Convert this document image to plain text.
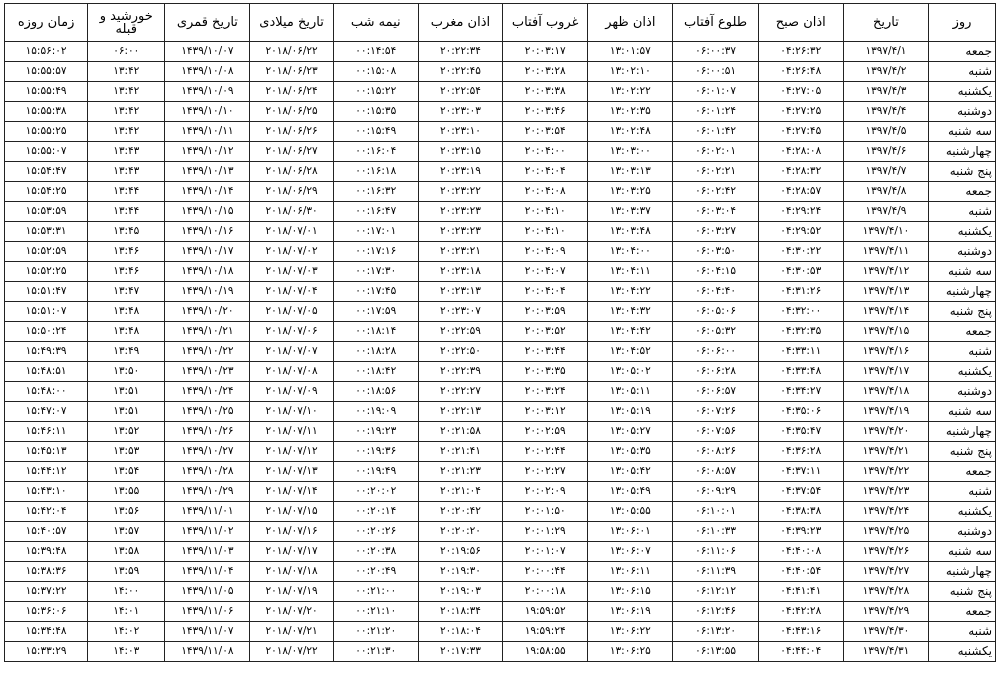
روز	تاریخ	اذان صبح	طلوع آفتاب	اذان ظهر	غروب آفتاب	اذان مغرب	نیمه شب	تاریخ میلادی	تاریخ قمری	خورشید و قبله	زمان روزه
جمعه	۱۳۹۷/۴/۱	۰۴:۲۶:۳۲	۰۶:۰۰:۳۷	۱۳:۰۱:۵۷	۲۰:۰۳:۱۷	۲۰:۲۲:۳۴	۰۰:۱۴:۵۴	۲۰۱۸/۰۶/۲۲	۱۴۳۹/۱۰/۰۷	۰۶:۰۰	۱۵:۵۶:۰۲
شنبه	۱۳۹۷/۴/۲	۰۴:۲۶:۴۸	۰۶:۰۰:۵۱	۱۳:۰۲:۱۰	۲۰:۰۳:۲۸	۲۰:۲۲:۴۵	۰۰:۱۵:۰۸	۲۰۱۸/۰۶/۲۳	۱۴۳۹/۱۰/۰۸	۱۳:۴۲	۱۵:۵۵:۵۷
یکشنبه	۱۳۹۷/۴/۳	۰۴:۲۷:۰۵	۰۶:۰۱:۰۷	۱۳:۰۲:۲۲	۲۰:۰۳:۳۸	۲۰:۲۲:۵۴	۰۰:۱۵:۲۲	۲۰۱۸/۰۶/۲۴	۱۴۳۹/۱۰/۰۹	۱۳:۴۲	۱۵:۵۵:۴۹
دوشنبه	۱۳۹۷/۴/۴	۰۴:۲۷:۲۵	۰۶:۰۱:۲۴	۱۳:۰۲:۳۵	۲۰:۰۳:۴۶	۲۰:۲۳:۰۳	۰۰:۱۵:۳۵	۲۰۱۸/۰۶/۲۵	۱۴۳۹/۱۰/۱۰	۱۳:۴۲	۱۵:۵۵:۳۸
سه شنبه	۱۳۹۷/۴/۵	۰۴:۲۷:۴۵	۰۶:۰۱:۴۲	۱۳:۰۲:۴۸	۲۰:۰۳:۵۴	۲۰:۲۳:۱۰	۰۰:۱۵:۴۹	۲۰۱۸/۰۶/۲۶	۱۴۳۹/۱۰/۱۱	۱۳:۴۲	۱۵:۵۵:۲۵
چهارشنبه	۱۳۹۷/۴/۶	۰۴:۲۸:۰۸	۰۶:۰۲:۰۱	۱۳:۰۳:۰۰	۲۰:۰۴:۰۰	۲۰:۲۳:۱۵	۰۰:۱۶:۰۴	۲۰۱۸/۰۶/۲۷	۱۴۳۹/۱۰/۱۲	۱۳:۴۳	۱۵:۵۵:۰۷
پنج شنبه	۱۳۹۷/۴/۷	۰۴:۲۸:۳۲	۰۶:۰۲:۲۱	۱۳:۰۳:۱۳	۲۰:۰۴:۰۴	۲۰:۲۳:۱۹	۰۰:۱۶:۱۸	۲۰۱۸/۰۶/۲۸	۱۴۳۹/۱۰/۱۳	۱۳:۴۳	۱۵:۵۴:۴۷
جمعه	۱۳۹۷/۴/۸	۰۴:۲۸:۵۷	۰۶:۰۲:۴۲	۱۳:۰۳:۲۵	۲۰:۰۴:۰۸	۲۰:۲۳:۲۲	۰۰:۱۶:۳۲	۲۰۱۸/۰۶/۲۹	۱۴۳۹/۱۰/۱۴	۱۳:۴۴	۱۵:۵۴:۲۵
شنبه	۱۳۹۷/۴/۹	۰۴:۲۹:۲۴	۰۶:۰۳:۰۴	۱۳:۰۳:۳۷	۲۰:۰۴:۱۰	۲۰:۲۳:۲۳	۰۰:۱۶:۴۷	۲۰۱۸/۰۶/۳۰	۱۴۳۹/۱۰/۱۵	۱۳:۴۴	۱۵:۵۳:۵۹
یکشنبه	۱۳۹۷/۴/۱۰	۰۴:۲۹:۵۲	۰۶:۰۳:۲۷	۱۳:۰۳:۴۸	۲۰:۰۴:۱۰	۲۰:۲۳:۲۳	۰۰:۱۷:۰۱	۲۰۱۸/۰۷/۰۱	۱۴۳۹/۱۰/۱۶	۱۳:۴۵	۱۵:۵۳:۳۱
دوشنبه	۱۳۹۷/۴/۱۱	۰۴:۳۰:۲۲	۰۶:۰۳:۵۰	۱۳:۰۴:۰۰	۲۰:۰۴:۰۹	۲۰:۲۳:۲۱	۰۰:۱۷:۱۶	۲۰۱۸/۰۷/۰۲	۱۴۳۹/۱۰/۱۷	۱۳:۴۶	۱۵:۵۲:۵۹
سه شنبه	۱۳۹۷/۴/۱۲	۰۴:۳۰:۵۳	۰۶:۰۴:۱۵	۱۳:۰۴:۱۱	۲۰:۰۴:۰۷	۲۰:۲۳:۱۸	۰۰:۱۷:۳۰	۲۰۱۸/۰۷/۰۳	۱۴۳۹/۱۰/۱۸	۱۳:۴۶	۱۵:۵۲:۲۵
چهارشنبه	۱۳۹۷/۴/۱۳	۰۴:۳۱:۲۶	۰۶:۰۴:۴۰	۱۳:۰۴:۲۲	۲۰:۰۴:۰۴	۲۰:۲۳:۱۳	۰۰:۱۷:۴۵	۲۰۱۸/۰۷/۰۴	۱۴۳۹/۱۰/۱۹	۱۳:۴۷	۱۵:۵۱:۴۷
پنج شنبه	۱۳۹۷/۴/۱۴	۰۴:۳۲:۰۰	۰۶:۰۵:۰۶	۱۳:۰۴:۳۲	۲۰:۰۳:۵۹	۲۰:۲۳:۰۷	۰۰:۱۷:۵۹	۲۰۱۸/۰۷/۰۵	۱۴۳۹/۱۰/۲۰	۱۳:۴۸	۱۵:۵۱:۰۷
جمعه	۱۳۹۷/۴/۱۵	۰۴:۳۲:۳۵	۰۶:۰۵:۳۲	۱۳:۰۴:۴۲	۲۰:۰۳:۵۲	۲۰:۲۲:۵۹	۰۰:۱۸:۱۴	۲۰۱۸/۰۷/۰۶	۱۴۳۹/۱۰/۲۱	۱۳:۴۸	۱۵:۵۰:۲۴
شنبه	۱۳۹۷/۴/۱۶	۰۴:۳۳:۱۱	۰۶:۰۶:۰۰	۱۳:۰۴:۵۲	۲۰:۰۳:۴۴	۲۰:۲۲:۵۰	۰۰:۱۸:۲۸	۲۰۱۸/۰۷/۰۷	۱۴۳۹/۱۰/۲۲	۱۳:۴۹	۱۵:۴۹:۳۹
یکشنبه	۱۳۹۷/۴/۱۷	۰۴:۳۳:۴۸	۰۶:۰۶:۲۸	۱۳:۰۵:۰۲	۲۰:۰۳:۳۵	۲۰:۲۲:۳۹	۰۰:۱۸:۴۲	۲۰۱۸/۰۷/۰۸	۱۴۳۹/۱۰/۲۳	۱۳:۵۰	۱۵:۴۸:۵۱
دوشنبه	۱۳۹۷/۴/۱۸	۰۴:۳۴:۲۷	۰۶:۰۶:۵۷	۱۳:۰۵:۱۱	۲۰:۰۳:۲۴	۲۰:۲۲:۲۷	۰۰:۱۸:۵۶	۲۰۱۸/۰۷/۰۹	۱۴۳۹/۱۰/۲۴	۱۳:۵۱	۱۵:۴۸:۰۰
سه شنبه	۱۳۹۷/۴/۱۹	۰۴:۳۵:۰۶	۰۶:۰۷:۲۶	۱۳:۰۵:۱۹	۲۰:۰۳:۱۲	۲۰:۲۲:۱۳	۰۰:۱۹:۰۹	۲۰۱۸/۰۷/۱۰	۱۴۳۹/۱۰/۲۵	۱۳:۵۱	۱۵:۴۷:۰۷
چهارشنبه	۱۳۹۷/۴/۲۰	۰۴:۳۵:۴۷	۰۶:۰۷:۵۶	۱۳:۰۵:۲۷	۲۰:۰۲:۵۹	۲۰:۲۱:۵۸	۰۰:۱۹:۲۳	۲۰۱۸/۰۷/۱۱	۱۴۳۹/۱۰/۲۶	۱۳:۵۲	۱۵:۴۶:۱۱
پنج شنبه	۱۳۹۷/۴/۲۱	۰۴:۳۶:۲۸	۰۶:۰۸:۲۶	۱۳:۰۵:۳۵	۲۰:۰۲:۴۴	۲۰:۲۱:۴۱	۰۰:۱۹:۳۶	۲۰۱۸/۰۷/۱۲	۱۴۳۹/۱۰/۲۷	۱۳:۵۳	۱۵:۴۵:۱۳
جمعه	۱۳۹۷/۴/۲۲	۰۴:۳۷:۱۱	۰۶:۰۸:۵۷	۱۳:۰۵:۴۲	۲۰:۰۲:۲۷	۲۰:۲۱:۲۳	۰۰:۱۹:۴۹	۲۰۱۸/۰۷/۱۳	۱۴۳۹/۱۰/۲۸	۱۳:۵۴	۱۵:۴۴:۱۲
شنبه	۱۳۹۷/۴/۲۳	۰۴:۳۷:۵۴	۰۶:۰۹:۲۹	۱۳:۰۵:۴۹	۲۰:۰۲:۰۹	۲۰:۲۱:۰۴	۰۰:۲۰:۰۲	۲۰۱۸/۰۷/۱۴	۱۴۳۹/۱۰/۲۹	۱۳:۵۵	۱۵:۴۳:۱۰
یکشنبه	۱۳۹۷/۴/۲۴	۰۴:۳۸:۳۸	۰۶:۱۰:۰۱	۱۳:۰۵:۵۵	۲۰:۰۱:۵۰	۲۰:۲۰:۴۲	۰۰:۲۰:۱۴	۲۰۱۸/۰۷/۱۵	۱۴۳۹/۱۱/۰۱	۱۳:۵۶	۱۵:۴۲:۰۴
دوشنبه	۱۳۹۷/۴/۲۵	۰۴:۳۹:۲۳	۰۶:۱۰:۳۳	۱۳:۰۶:۰۱	۲۰:۰۱:۲۹	۲۰:۲۰:۲۰	۰۰:۲۰:۲۶	۲۰۱۸/۰۷/۱۶	۱۴۳۹/۱۱/۰۲	۱۳:۵۷	۱۵:۴۰:۵۷
سه شنبه	۱۳۹۷/۴/۲۶	۰۴:۴۰:۰۸	۰۶:۱۱:۰۶	۱۳:۰۶:۰۷	۲۰:۰۱:۰۷	۲۰:۱۹:۵۶	۰۰:۲۰:۳۸	۲۰۱۸/۰۷/۱۷	۱۴۳۹/۱۱/۰۳	۱۳:۵۸	۱۵:۳۹:۴۸
چهارشنبه	۱۳۹۷/۴/۲۷	۰۴:۴۰:۵۴	۰۶:۱۱:۳۹	۱۳:۰۶:۱۱	۲۰:۰۰:۴۴	۲۰:۱۹:۳۰	۰۰:۲۰:۴۹	۲۰۱۸/۰۷/۱۸	۱۴۳۹/۱۱/۰۴	۱۳:۵۹	۱۵:۳۸:۳۶
پنج شنبه	۱۳۹۷/۴/۲۸	۰۴:۴۱:۴۱	۰۶:۱۲:۱۲	۱۳:۰۶:۱۵	۲۰:۰۰:۱۸	۲۰:۱۹:۰۳	۰۰:۲۱:۰۰	۲۰۱۸/۰۷/۱۹	۱۴۳۹/۱۱/۰۵	۱۴:۰۰	۱۵:۳۷:۲۲
جمعه	۱۳۹۷/۴/۲۹	۰۴:۴۲:۲۸	۰۶:۱۲:۴۶	۱۳:۰۶:۱۹	۱۹:۵۹:۵۲	۲۰:۱۸:۳۴	۰۰:۲۱:۱۰	۲۰۱۸/۰۷/۲۰	۱۴۳۹/۱۱/۰۶	۱۴:۰۱	۱۵:۳۶:۰۶
شنبه	۱۳۹۷/۴/۳۰	۰۴:۴۳:۱۶	۰۶:۱۳:۲۰	۱۳:۰۶:۲۲	۱۹:۵۹:۲۴	۲۰:۱۸:۰۴	۰۰:۲۱:۲۰	۲۰۱۸/۰۷/۲۱	۱۴۳۹/۱۱/۰۷	۱۴:۰۲	۱۵:۳۴:۴۸
یکشنبه	۱۳۹۷/۴/۳۱	۰۴:۴۴:۰۴	۰۶:۱۳:۵۵	۱۳:۰۶:۲۵	۱۹:۵۸:۵۵	۲۰:۱۷:۳۳	۰۰:۲۱:۳۰	۲۰۱۸/۰۷/۲۲	۱۴۳۹/۱۱/۰۸	۱۴:۰۳	۱۵:۳۳:۲۹
